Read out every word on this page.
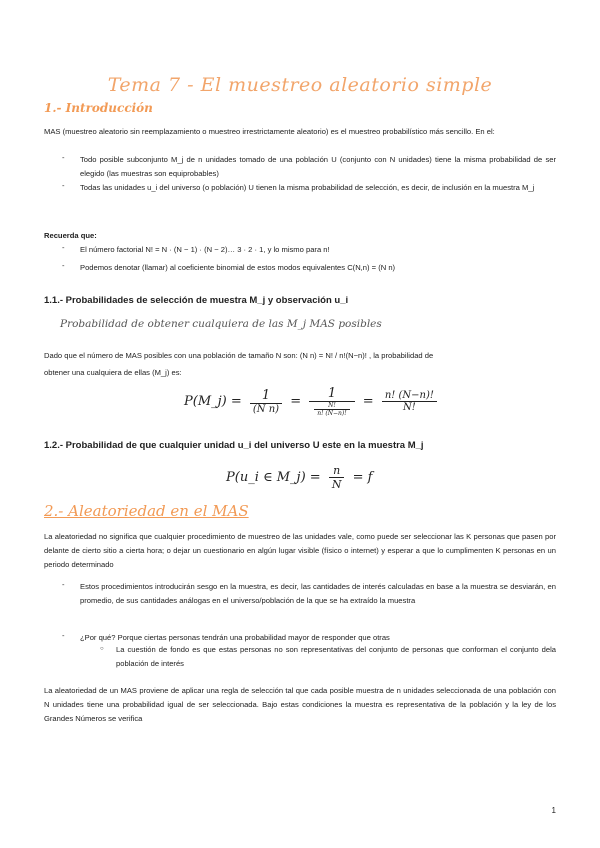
Tema 7 - El muestreo aleatorio simple
1.- Introducción
MAS (muestreo aleatorio sin reemplazamiento o muestreo irrestrictamente aleatorio) es el muestreo probabilístico más sencillo. En el:
- Todo posible subconjunto M_j de n unidades tomado de una población U (conjunto con N unidades) tiene la misma probabilidad de ser elegido (las muestras son equiprobables)
- Todas las unidades u_i del universo (o población) U tienen la misma probabilidad de selección, es decir, de inclusión en la muestra M_j
Recuerda que:
- El número factorial N! = N · (N − 1) · (N − 2)… 3 · 2 · 1, y lo mismo para n!
- Podemos denotar (llamar) al coeficiente binomial de estos modos equivalentes C(N,n) = (N n)
1.1.- Probabilidades de selección de muestra M_j y observación u_i
Probabilidad de obtener cualquiera de las M_j MAS posibles
Dado que el número de MAS posibles con una población de tamaño N son: (N n) = N! / n!(N−n)! , la probabilidad de
obtener una cualquiera de ellas (M_j) es:
P(M_j) = $\frac{1}{\text{(N n)}} = \frac{1}{\frac{N!}{n! (N-n)!}} = \frac{n! (N-n)!}{N!}$
1.2.- Probabilidad de que cualquier unidad u_i del universo U este en la muestra M_j
P(u_i ∈ M_j) = $\frac{n}{N} = f$
2.- Aleatoriedad en el MAS
La aleatoriedad no significa que cualquier procedimiento de muestreo de las unidades vale, como puede ser seleccionar las K personas que pasen por delante de cierto sitio a cierta hora; o dejar un cuestionario en algún lugar visible (físico o internet) y esperar a que lo cumplimenten K personas en un periodo determinado
- Estos procedimientos introducirán sesgo en la muestra, es decir, las cantidades de interés calculadas en base a la muestra se desviarán, en promedio, de sus cantidades análogas en el universo/población de la que se ha extraído la muestra
- ¿Por qué? Porque ciertas personas tendrán una probabilidad mayor de responder que otras
○ La cuestión de fondo es que estas personas no son representativas del conjunto de personas que conforman el conjunto dela población de interés
La aleatoriedad de un MAS proviene de aplicar una regla de selección tal que cada posible muestra de n unidades seleccionada de una población con N unidades tiene una probabilidad igual de ser seleccionada. Bajo estas condiciones la muestra es representativa de la población y la ley de los Grandes Números se verifica
1
